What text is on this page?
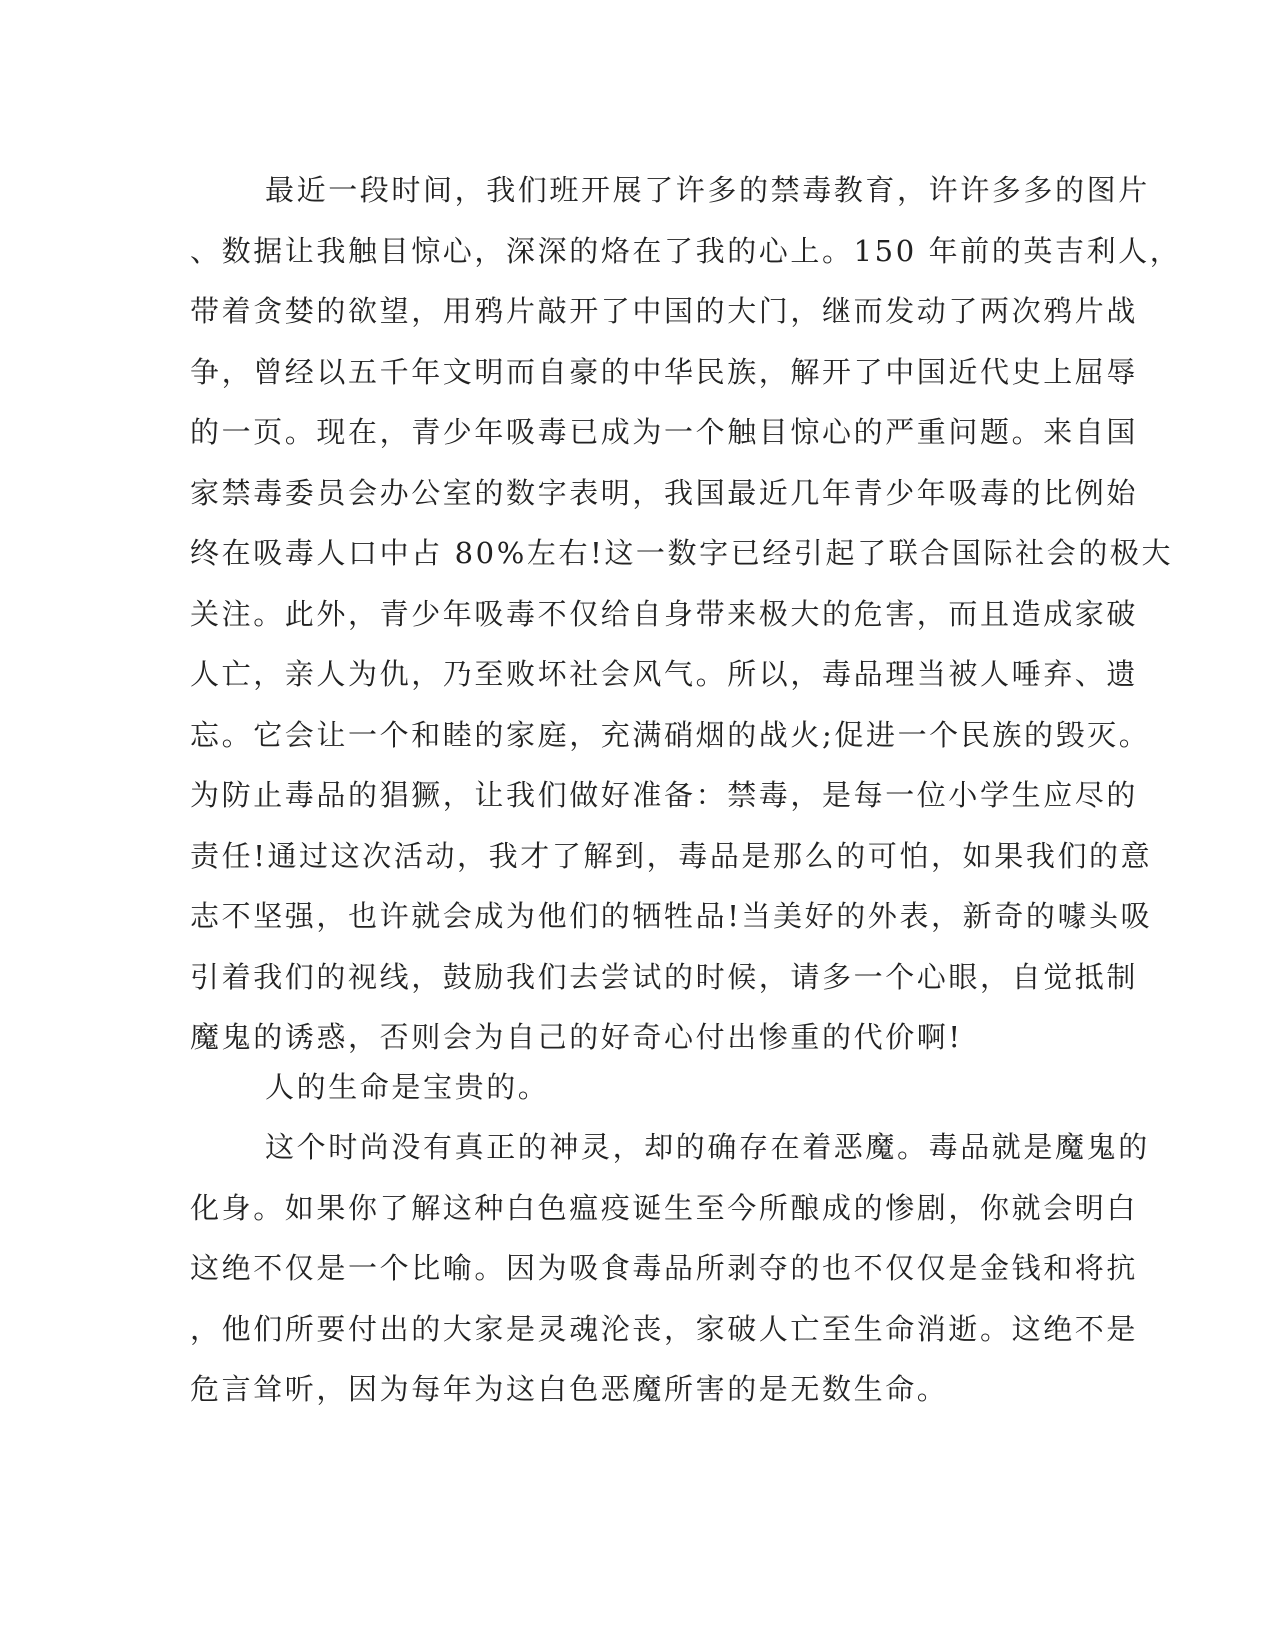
最近一段时间，我们班开展了许多的禁毒教育，许许多多的图片
、数据让我触目惊心，深深的烙在了我的心上。150 年前的英吉利人，
带着贪婪的欲望，用鸦片敲开了中国的大门，继而发动了两次鸦片战
争，曾经以五千年文明而自豪的中华民族，解开了中国近代史上屈辱
的一页。现在，青少年吸毒已成为一个触目惊心的严重问题。来自国
家禁毒委员会办公室的数字表明，我国最近几年青少年吸毒的比例始
终在吸毒人口中占 80%左右!这一数字已经引起了联合国际社会的极大
关注。此外，青少年吸毒不仅给自身带来极大的危害，而且造成家破
人亡，亲人为仇，乃至败坏社会风气。所以，毒品理当被人唾弃、遗
忘。它会让一个和睦的家庭，充满硝烟的战火;促进一个民族的毁灭。
为防止毒品的猖獗，让我们做好准备：禁毒，是每一位小学生应尽的
责任!通过这次活动，我才了解到，毒品是那么的可怕，如果我们的意
志不坚强，也许就会成为他们的牺牲品!当美好的外表，新奇的噱头吸
引着我们的视线，鼓励我们去尝试的时候，请多一个心眼，自觉抵制
魔鬼的诱惑，否则会为自己的好奇心付出惨重的代价啊!
人的生命是宝贵的。
这个时尚没有真正的神灵，却的确存在着恶魔。毒品就是魔鬼的
化身。如果你了解这种白色瘟疫诞生至今所酿成的惨剧，你就会明白
这绝不仅是一个比喻。因为吸食毒品所剥夺的也不仅仅是金钱和将抗
，他们所要付出的大家是灵魂沦丧，家破人亡至生命消逝。这绝不是
危言耸听，因为每年为这白色恶魔所害的是无数生命。
